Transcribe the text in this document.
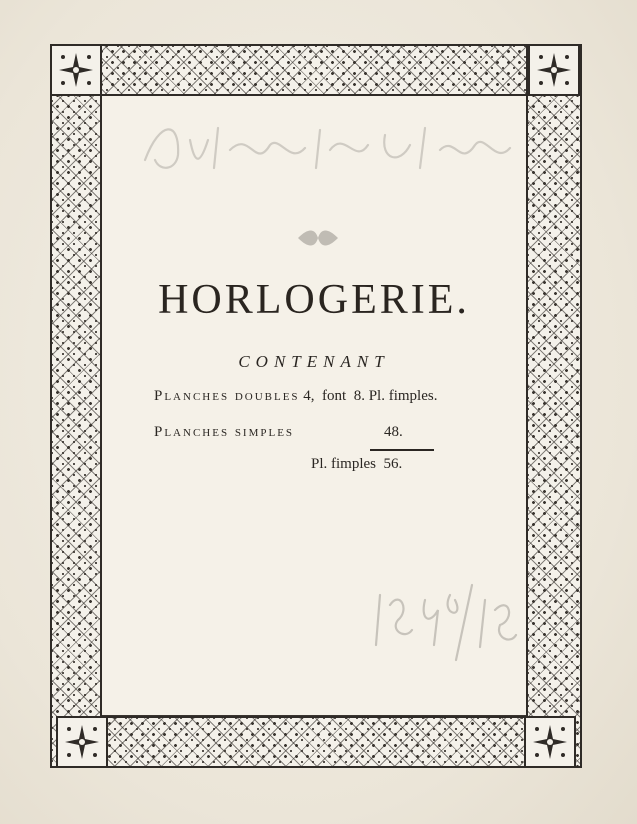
HORLOGERIE.
CONTENANT
Planches doubles 4, font 8. Pl. fimples.
Planches simples	48.
Pl. fimples 56.
